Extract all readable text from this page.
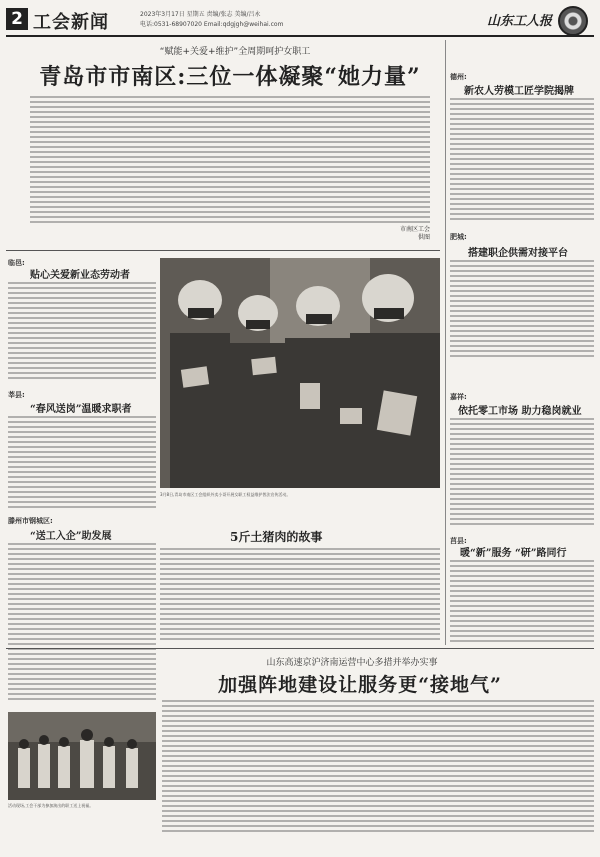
2 工会新闻	2023年3月17日 星期五 责编/张志 美编/吕永
电话:0531-68907020 Email:qdgjgh@weihai.com	山东工人报
“赋能+关爱+维护”全周期呵护女职工
青岛市市南区:三位一体凝聚“她力量”
市南区工会
供图
临邑:
贴心关爱新业态劳动者
莘县:
“春风送岗”温暖求职者
滕州市钢城区:
“送工入企”助发展
3月8日,青岛市南区工会组织外卖小哥开展女职工权益维护普法宣传活动。
5斤土猪肉的故事
德州:
新农人劳模工匠学院揭牌
肥城:
搭建职企供需对接平台
嘉祥:
依托零工市场 助力稳岗就业
莒县:
暖“新”服务 “研”路同行
山东高速京沪济南运营中心多措并举办实事
加强阵地建设让服务更“接地气”
活动现场,工会干部为参加演出的职工送上祝福。
